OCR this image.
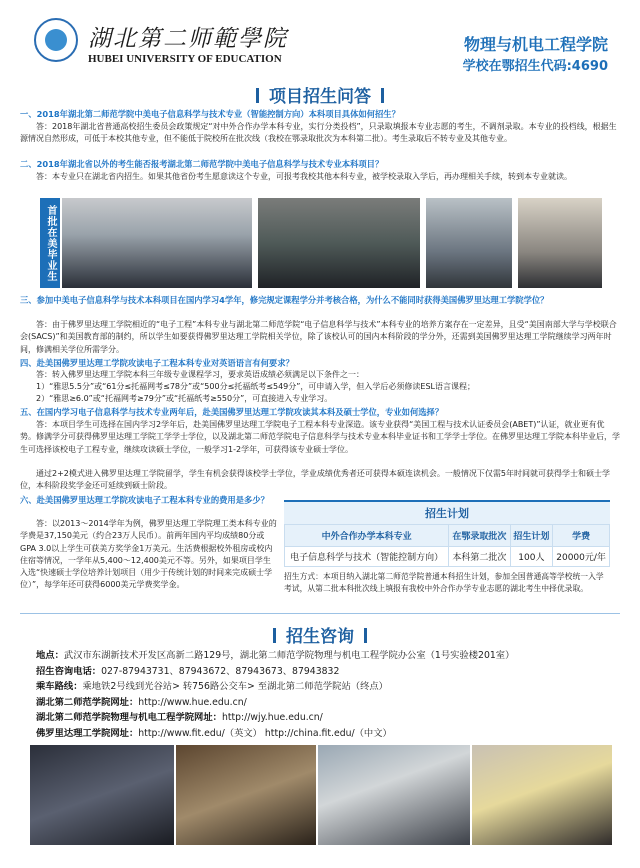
湖北第二师範學院
HUBEI UNIVERSITY OF EDUCATION
物理与机电工程学院
学校在鄂招生代码:4690
项目招生问答
一、2018年湖北第二师范学院中美电子信息科学与技术专业（智能控制方向）本科项目具体如何招生？
答：2018年湖北省普通高校招生委员会政策规定“对中外合作办学本科专业，实行分类投档”，只录取填报本专业志愿的考生，不调剂录取。本专业的投档线，根据生源情况自然形成，可低于本校其他专业，但不能低于院校所在批次线（我校在鄂录取批次为本科第二批）。考生录取后不转专业及其他专业。
二、2018年湖北省以外的考生能否报考湖北第二师范学院中美电子信息科学与技术专业本科项目？
答：本专业只在湖北省内招生。如果其他省份考生愿意读这个专业，可报考我校其他本科专业，被学校录取入学后，再办理相关手续，转到本专业就读。
首批在美毕业生
三、参加中美电子信息科学与技术本科项目在国内学习4学年，修完规定课程学分并考核合格，为什么不能同时获得美国佛罗里达理工学院学位？
答：由于佛罗里达理工学院相近的“电子工程”本科专业与湖北第二师范学院“电子信息科学与技术”本科专业的培养方案存在一定差异，且受“美国南部大学与学校联合会(SACS)”和美国教育部的制约，所以学生如要获得佛罗里达理工学院相关学位，除了该校认可的国内本科阶段的学分外，还需到美国佛罗里达理工学院继续学习两年时间，修满相关学位所需学分。
四、赴美国佛罗里达理工学院攻读电子工程本科专业对英语语言有何要求？
答：转入佛罗里达理工学院本科三年级专业课程学习，要求英语成绩必须满足以下条件之一：
1）“雅思5.5分”或“61分≤托福网考≤78分”或“500分≤托福纸考≤549分”，可申请入学，但入学后必须修读ESL语言课程；
2）“雅思≥6.0”或“托福网考≥79分”或“托福纸考≥550分”，可直接进入专业学习。
五、在国内学习电子信息科学与技术专业两年后，赴美国佛罗里达理工学院攻读其本科及硕士学位，专业如何选择？
答：本项目学生可选择在国内学习2学年后，赴美国佛罗里达理工学院电子工程本科专业深造。该专业获得“美国工程与技术认证委员会(ABET)”认证，就业更有优势。修满学分可获得佛罗里达理工学院工学学士学位，以及湖北第二师范学院电子信息科学与技术专业本科毕业证书和工学学士学位。在佛罗里达理工学院本科毕业后，学生可选择该校电子工程专业，继续攻读硕士学位，一般学习1-2学年，可获得该专业硕士学位。
通过2+2模式进入佛罗里达理工学院留学，学生有机会获得该校学士学位，学业成绩优秀者还可获得本硕连读机会。一般情况下仅需5年时间就可获得学士和硕士学位，本科阶段奖学金还可延续到硕士阶段。
六、赴美国佛罗里达理工学院攻读电子工程本科专业的费用是多少？
答：以2013～2014学年为例，佛罗里达理工学院理工类本科专业的学费是37,150美元（约合23万人民币）。前两年国内平均成绩80分或GPA 3.0以上学生可获美方奖学金1万美元。生活费根据校外租房或校内住宿等情况，一学年从5,400～12,400美元不等。另外，如果项目学生入选“快速硕士学位培养计划项目（用少于传统计划的时间来完成硕士学位）”，每学年还可获得6000美元学费奖学金。
招生计划
中外合作办学本科专业	在鄂录取批次	招生计划	学费
电子信息科学与技术（智能控制方向）	本科第二批次	100人	20000元/年
招生方式：本项目纳入湖北第二师范学院普通本科招生计划，参加全国普通高等学校统一入学考试，从第二批本科批次线上填报有我校中外合作办学专业志愿的湖北考生中择优录取。
招生咨询
地点：武汉市东湖新技术开发区高新二路129号，湖北第二师范学院物理与机电工程学院办公室（1号实验楼201室）
招生咨询电话：027-87943731、87943672、87943673、87943832
乘车路线：乘地铁2号线到光谷站> 转756路公交车> 至湖北第二师范学院站（终点）
湖北第二师范学院网址：http://www.hue.edu.cn/
湖北第二师范学院物理与机电工程学院网址：http://wjy.hue.edu.cn/
佛罗里达理工学院网址：http://www.fit.edu/（英文） http://china.fit.edu/（中文）
